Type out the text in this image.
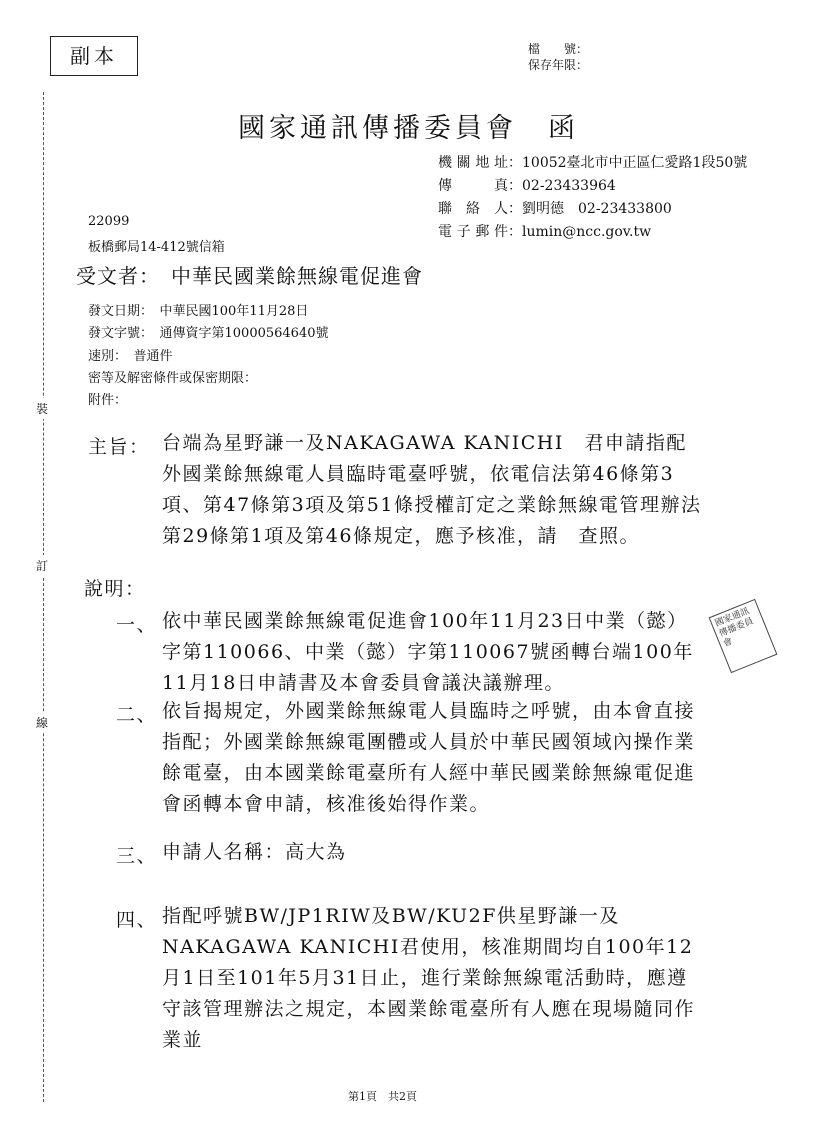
副本	檔　　號：
保存年限：
國家通訊傳播委員會　函
機關地址：10052臺北市中正區仁愛路1段50號
傳　　真：02-23433964
聯 絡 人：劉明德　02-23433800
電子郵件：lumin@ncc.gov.tw
22099
板橋郵局14-412號信箱
受文者：　中華民國業餘無線電促進會
發文日期：　中華民國100年11月28日
發文字號：　通傳資字第10000564640號
速別：　普通件
密等及解密條件或保密期限：
附件：
主旨： 台端為星野謙一及NAKAGAWA KANICHI　君申請指配外國業餘無線電人員臨時電臺呼號，依電信法第46條第3項、第47條第3項及第51條授權訂定之業餘無線電管理辦法第29條第1項及第46條規定，應予核准，請　查照。
說明：
一、 依中華民國業餘無線電促進會100年11月23日中業（懿）字第110066、中業（懿）字第110067號函轉台端100年11月18日申請書及本會委員會議決議辦理。
二、 依旨揭規定，外國業餘無線電人員臨時之呼號，由本會直接指配；外國業餘無線電團體或人員於中華民國領域內操作業餘電臺，由本國業餘電臺所有人經中華民國業餘無線電促進會函轉本會申請，核准後始得作業。
三、 申請人名稱：高大為
四、 指配呼號BW/JP1RIW及BW/KU2F供星野謙一及NAKAGAWA KANICHI君使用，核准期間均自100年12月1日至101年5月31日止，進行業餘無線電活動時，應遵守該管理辦法之規定，本國業餘電臺所有人應在現場隨同作業並
裝
訂
線
國家通訊傳播委員會
第1頁　共2頁
